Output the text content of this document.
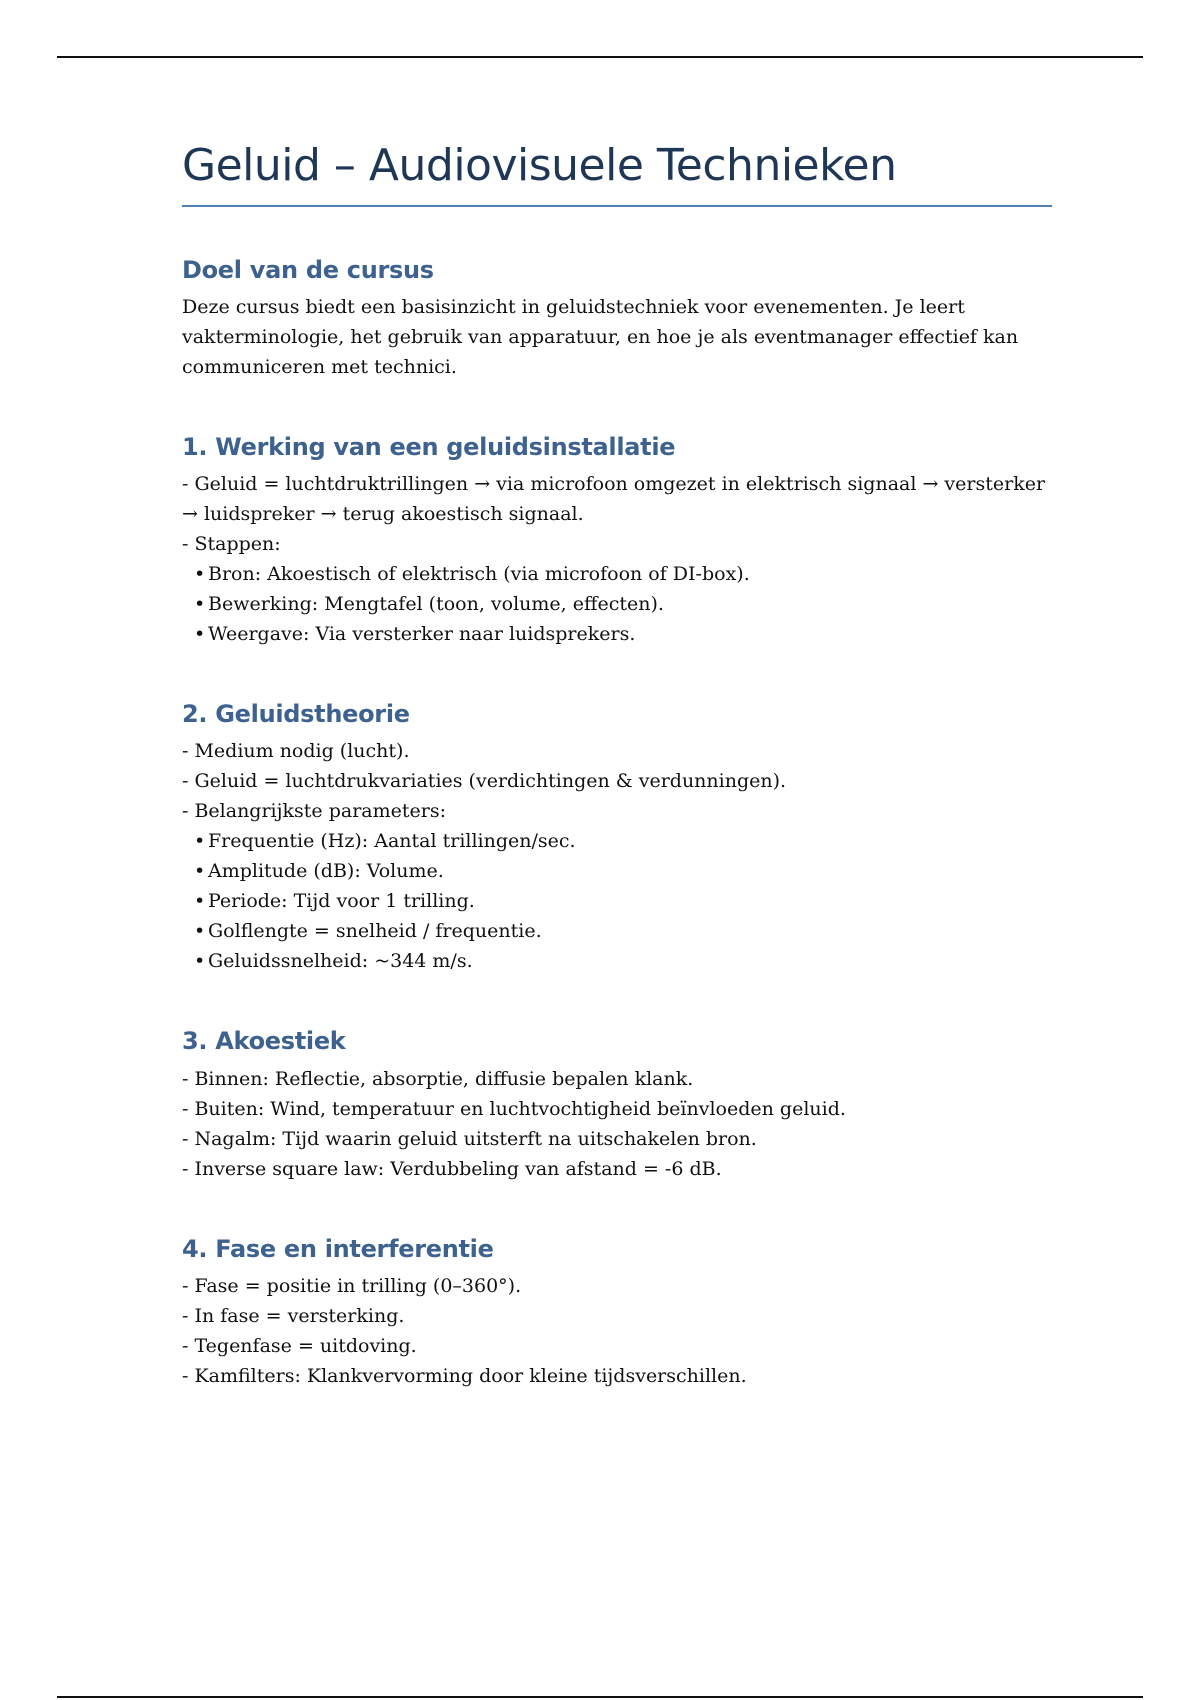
Geluid – Audiovisuele Technieken
Doel van de cursus

Deze cursus biedt een basisinzicht in geluidstechniek voor evenementen. Je leert vakterminologie, het gebruik van apparatuur, en hoe je als eventmanager effectief kan communiceren met technici.

1. Werking van een geluidsinstallatie

- Geluid = luchtdruktrillingen → via microfoon omgezet in elektrisch signaal → versterker → luidspreker → terug akoestisch signaal.

- Stappen:

• Bron: Akoestisch of elektrisch (via microfoon of DI-box).

• Bewerking: Mengtafel (toon, volume, effecten).

• Weergave: Via versterker naar luidsprekers.

2. Geluidstheorie

- Medium nodig (lucht).

- Geluid = luchtdrukvariaties (verdichtingen & verdunningen).

- Belangrijkste parameters:

• Frequentie (Hz): Aantal trillingen/sec.

• Amplitude (dB): Volume.

• Periode: Tijd voor 1 trilling.

• Golflengte = snelheid / frequentie.

• Geluidssnelheid: ~344 m/s.

3. Akoestiek

- Binnen: Reflectie, absorptie, diffusie bepalen klank.

- Buiten: Wind, temperatuur en luchtvochtigheid beïnvloeden geluid.

- Nagalm: Tijd waarin geluid uitsterft na uitschakelen bron.

- Inverse square law: Verdubbeling van afstand = -6 dB.

4. Fase en interferentie

- Fase = positie in trilling (0–360°).

- In fase = versterking.

- Tegenfase = uitdoving.

- Kamfilters: Klankvervorming door kleine tijdsverschillen.
